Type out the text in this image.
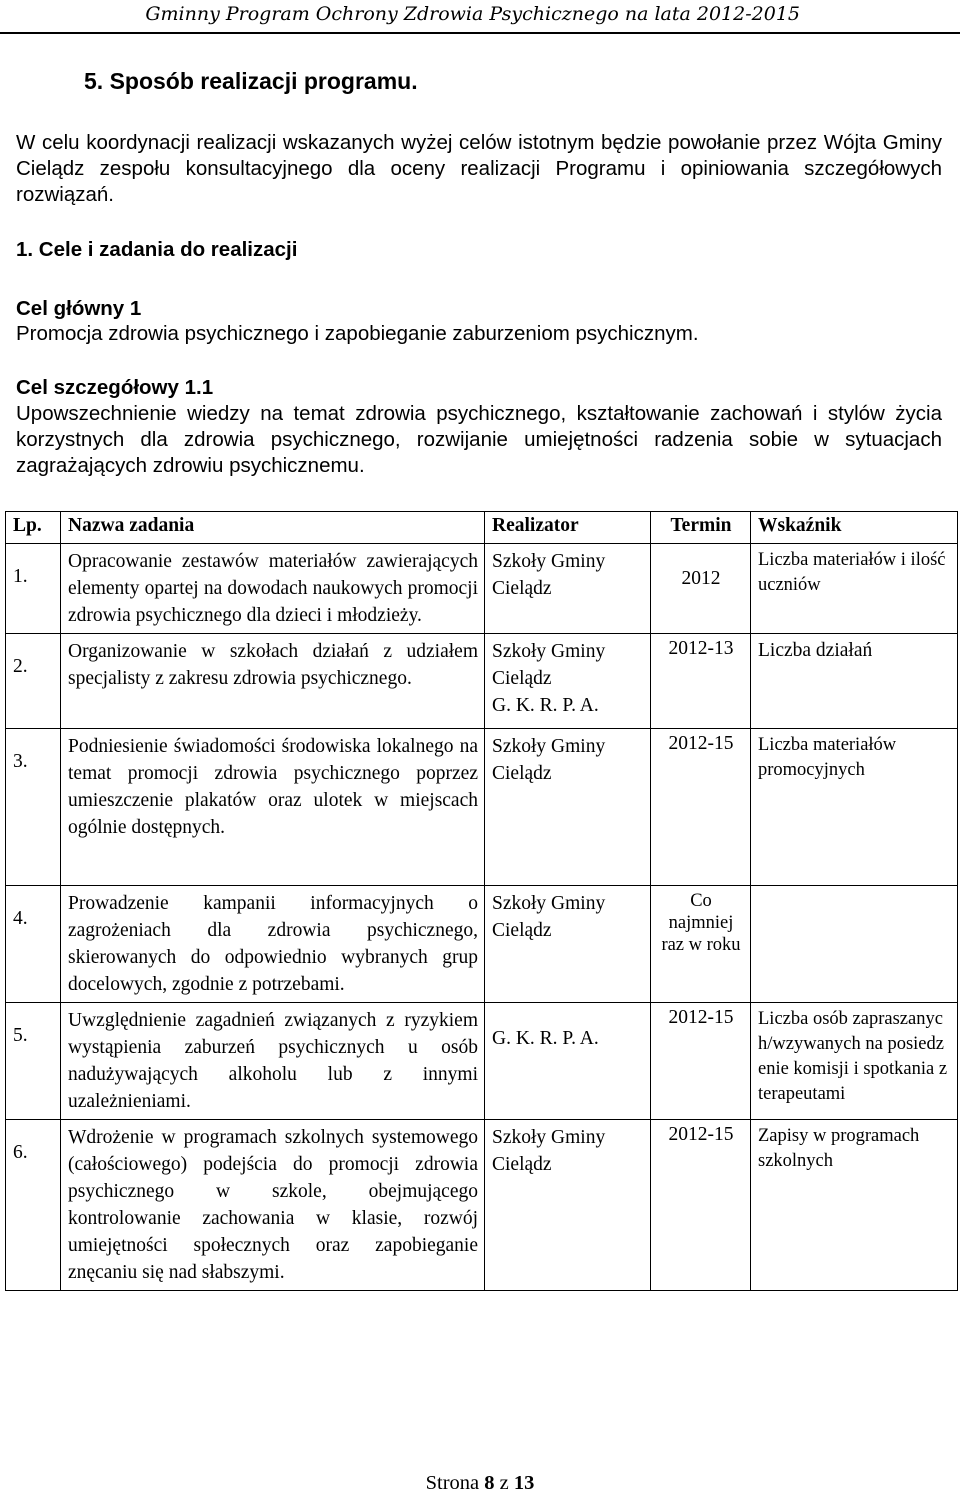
Gminny Program Ochrony Zdrowia Psychicznego na lata 2012-2015
5. Sposób realizacji programu.
W celu koordynacji realizacji wskazanych wyżej celów istotnym będzie powołanie przez Wójta Gminy Cielądz zespołu konsultacyjnego dla oceny realizacji Programu i opiniowania szczegółowych rozwiązań.
1. Cele i zadania do realizacji
Cel główny 1
Promocja zdrowia psychicznego i zapobieganie zaburzeniom psychicznym.
Cel szczegółowy 1.1
Upowszechnienie wiedzy na temat zdrowia psychicznego, kształtowanie zachowań i stylów życia korzystnych dla zdrowia psychicznego, rozwijanie umiejętności radzenia sobie w sytuacjach zagrażających zdrowiu psychicznemu.
Lp.	Nazwa zadania	Realizator	Termin	Wskaźnik
1.	Opracowanie zestawów materiałów zawierających elementy opartej na dowodach naukowych promocji zdrowia psychicznego dla dzieci i młodzieży.	Szkoły Gminy Cielądz	2012	Liczba materiałów i ilość uczniów
2.	Organizowanie w szkołach działań z udziałem specjalisty z zakresu zdrowia psychicznego.	Szkoły Gminy Cielądz
G. K. R. P. A.	2012-13	Liczba działań
3.	Podniesienie świadomości środowiska lokalnego na temat promocji zdrowia psychicznego poprzez umieszczenie plakatów oraz ulotek w miejscach ogólnie dostępnych.	Szkoły Gminy Cielądz	2012-15	Liczba materiałów promocyjnych
4.	Prowadzenie kampanii informacyjnych o zagrożeniach dla zdrowia psychicznego, skierowanych do odpowiednio wybranych grup docelowych, zgodnie z potrzebami.	Szkoły Gminy Cielądz	Co najmniej raz w roku	
5.	Uwzględnienie zagadnień związanych z ryzykiem wystąpienia zaburzeń psychicznych u osób nadużywających alkoholu lub z innymi uzależnieniami.	G. K. R. P. A.	2012-15	Liczba osób zapraszanych/wzywanych na posiedzenie komisji i spotkania z terapeutami
6.	Wdrożenie w programach szkolnych systemowego (całościowego) podejścia do promocji zdrowia psychicznego w szkole, obejmującego kontrolowanie zachowania w klasie, rozwój umiejętności społecznych oraz zapobieganie znęcaniu się nad słabszymi.	Szkoły Gminy Cielądz	2012-15	Zapisy w programach szkolnych
Strona 8 z 13
